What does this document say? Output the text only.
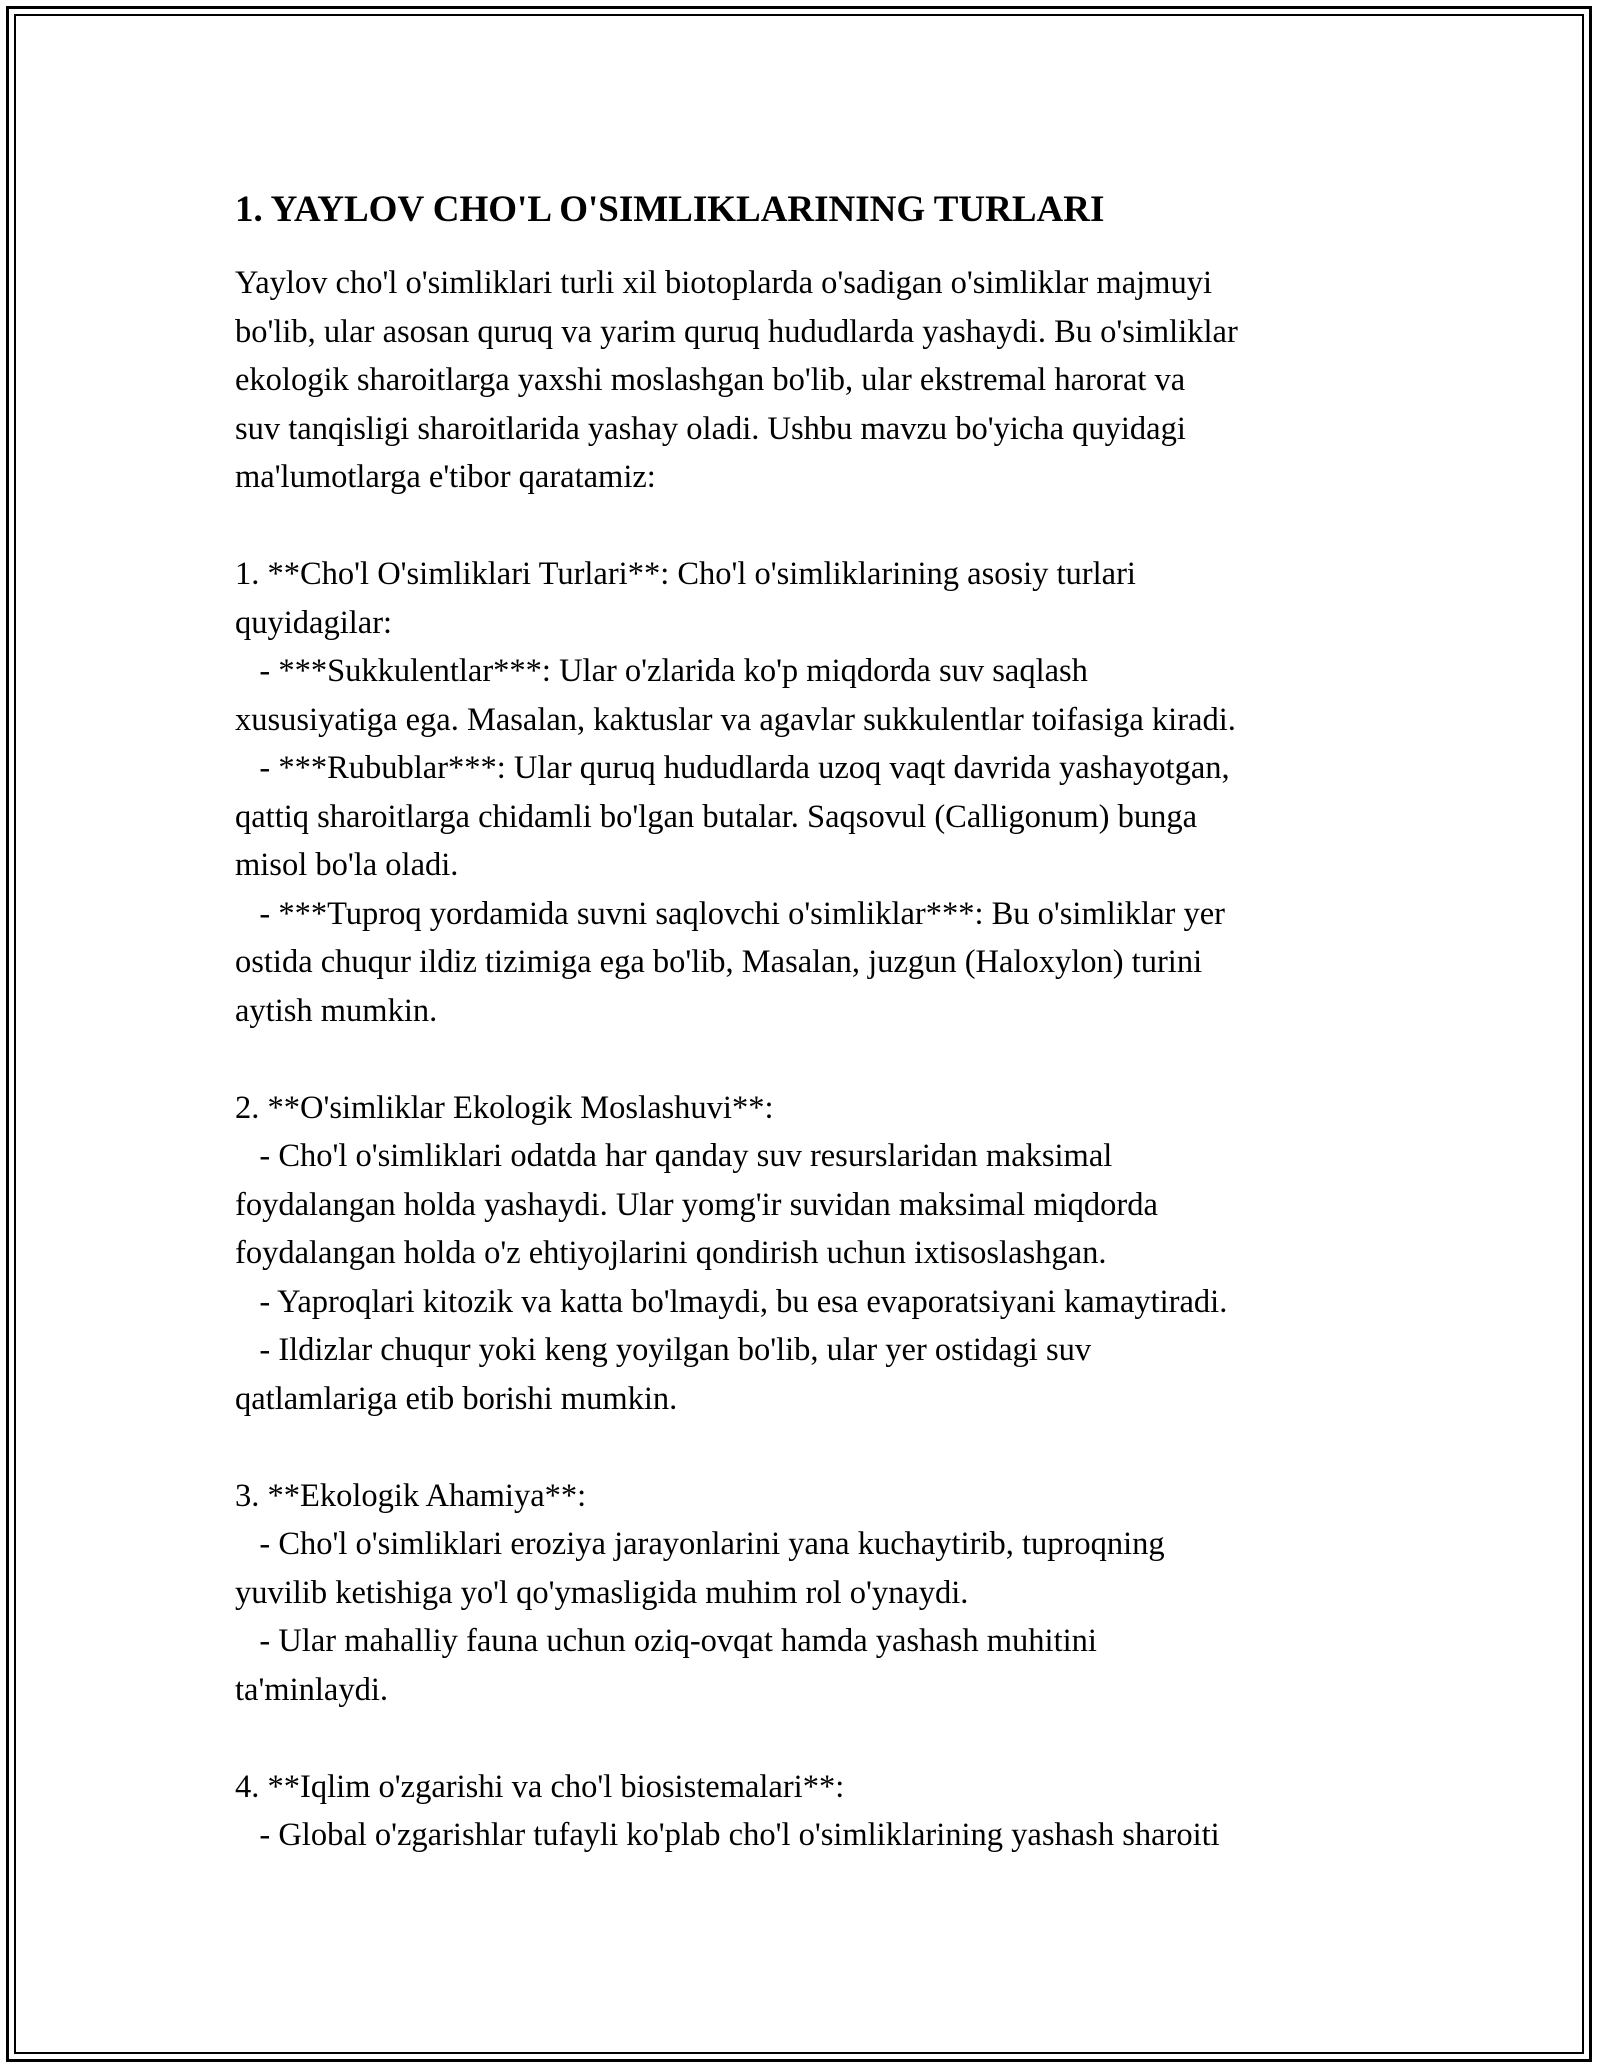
1. YAYLOV CHO'L O'SIMLIKLARINING TURLARI
Yaylov cho'l o'simliklari turli xil biotoplarda o'sadigan o'simliklar majmuyi
bo'lib, ular asosan quruq va yarim quruq hududlarda yashaydi. Bu o'simliklar
ekologik sharoitlarga yaxshi moslashgan bo'lib, ular ekstremal harorat va
suv tanqisligi sharoitlarida yashay oladi. Ushbu mavzu bo'yicha quyidagi
ma'lumotlarga e'tibor qaratamiz:
1. **Cho'l O'simliklari Turlari**: Cho'l o'simliklarining asosiy turlari
quyidagilar:
- ***Sukkulentlar***: Ular o'zlarida ko'p miqdorda suv saqlash
xususiyatiga ega. Masalan, kaktuslar va agavlar sukkulentlar toifasiga kiradi.
- ***Rubublar***: Ular quruq hududlarda uzoq vaqt davrida yashayotgan,
qattiq sharoitlarga chidamli bo'lgan butalar. Saqsovul (Calligonum) bunga
misol bo'la oladi.
- ***Tuproq yordamida suvni saqlovchi o'simliklar***: Bu o'simliklar yer
ostida chuqur ildiz tizimiga ega bo'lib, Masalan, juzgun (Haloxylon) turini
aytish mumkin.
2. **O'simliklar Ekologik Moslashuvi**:
- Cho'l o'simliklari odatda har qanday suv resurslaridan maksimal
foydalangan holda yashaydi. Ular yomg'ir suvidan maksimal miqdorda
foydalangan holda o'z ehtiyojlarini qondirish uchun ixtisoslashgan.
- Yaproqlari kitozik va katta bo'lmaydi, bu esa evaporatsiyani kamaytiradi.
- Ildizlar chuqur yoki keng yoyilgan bo'lib, ular yer ostidagi suv
qatlamlariga etib borishi mumkin.
3. **Ekologik Ahamiya**:
- Cho'l o'simliklari eroziya jarayonlarini yana kuchaytirib, tuproqning
yuvilib ketishiga yo'l qo'ymasligida muhim rol o'ynaydi.
- Ular mahalliy fauna uchun oziq-ovqat hamda yashash muhitini
ta'minlaydi.
4. **Iqlim o'zgarishi va cho'l biosistemalari**:
- Global o'zgarishlar tufayli ko'plab cho'l o'simliklarining yashash sharoiti
